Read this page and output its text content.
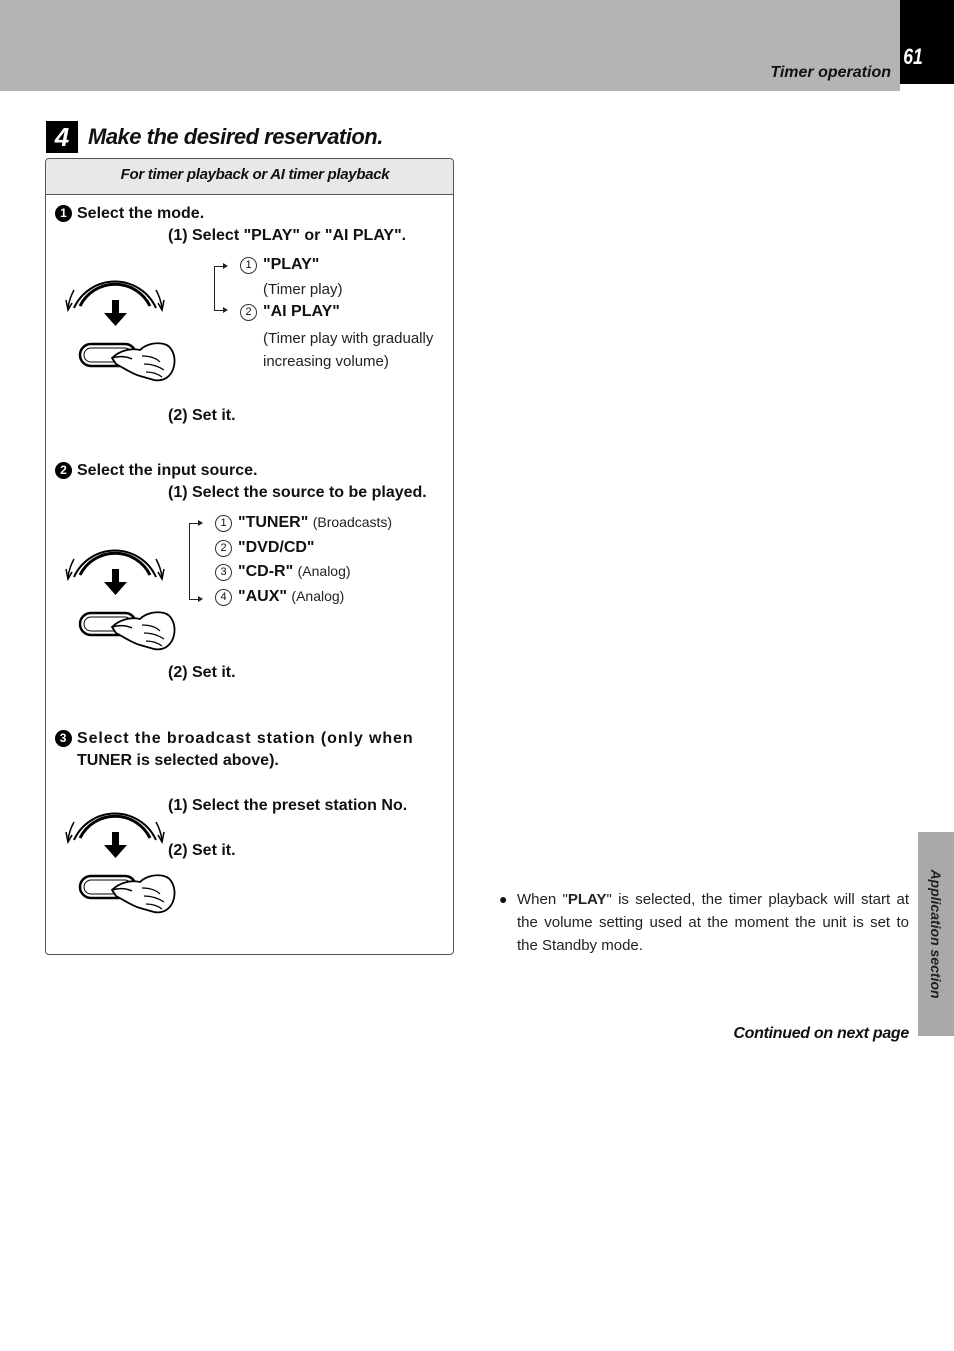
61
Timer operation
4 Make the desired reservation.
For timer playback or AI timer playback
1 Select the mode.
(1) Select "PLAY" or "AI PLAY".
1 "PLAY"
(Timer play)
2 "AI PLAY"
(Timer play with gradually increasing volume)
(2) Set it.
2 Select the input source.
(1) Select the source to be played.
1 "TUNER" (Broadcasts)
2 "DVD/CD"
3 "CD-R" (Analog)
4 "AUX" (Analog)
(2) Set it.
3 Select the broadcast station (only when
TUNER is selected above).
(1) Select the preset station No.
(2) Set it.
● When "PLAY" is selected, the timer playback will start at the volume setting used at the moment the unit is set to the Standby mode.
Continued on next page
Application section
